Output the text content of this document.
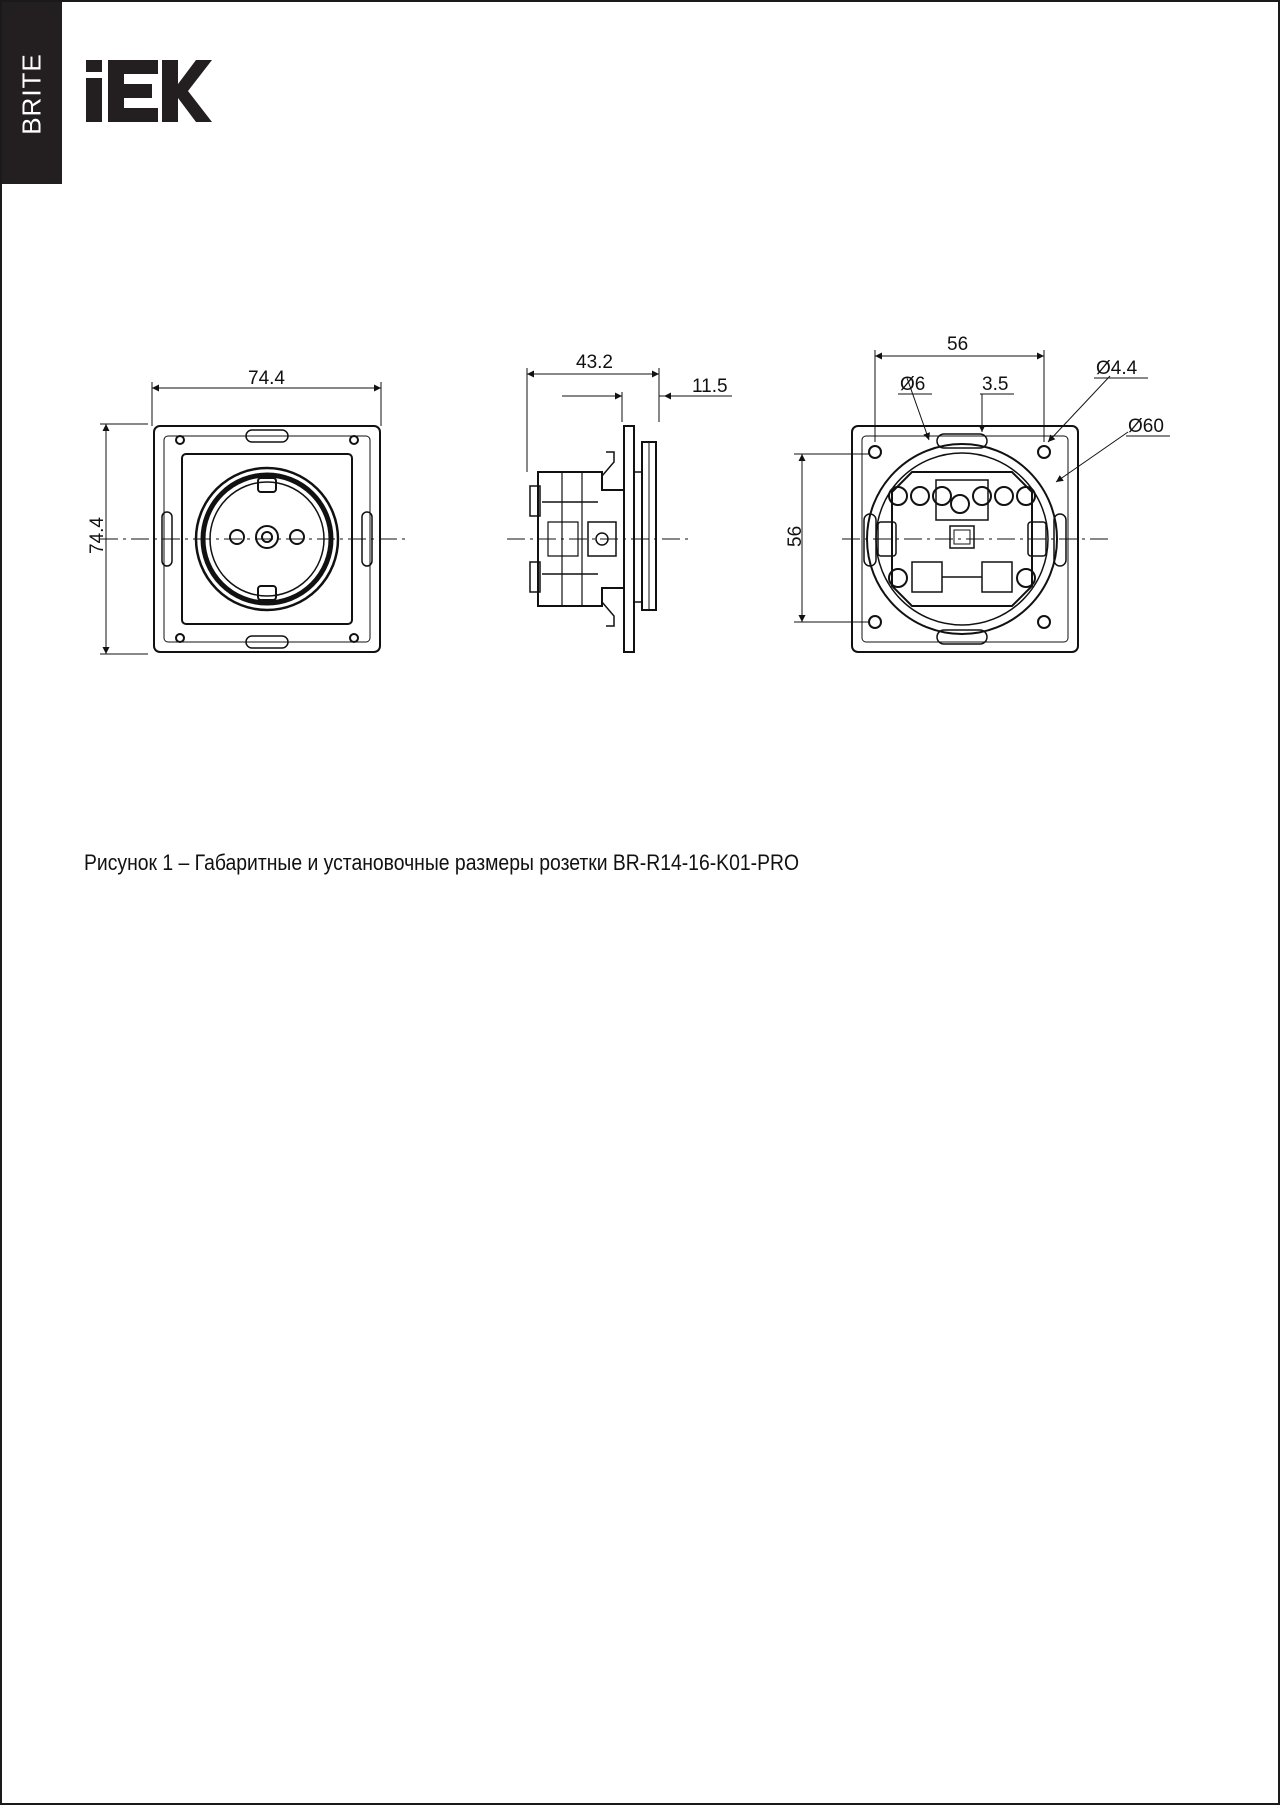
BRITE
74.4
74.4
43.2
11.5
56
56
Ø6	3.5
Ø4.4
Ø60
Рисунок 1 – Габаритные и установочные размеры розетки BR-R14-16-K01-PRO
